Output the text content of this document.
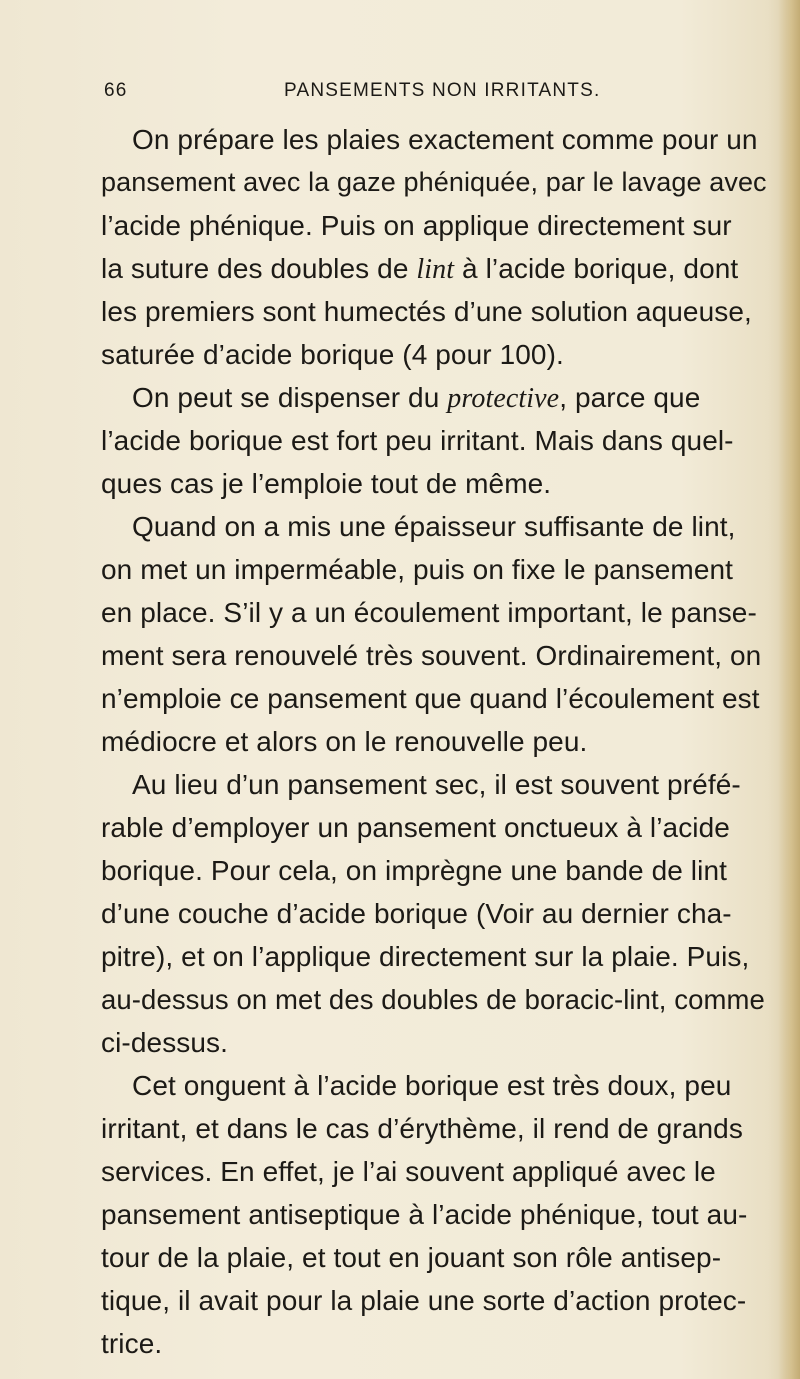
66	PANSEMENTS NON IRRITANTS.
On prépare les plaies exactement comme pour un
pansement avec la gaze phéniquée, par le lavage avec
l’acide phénique. Puis on applique directement sur
la suture des doubles de lint à l’acide borique, dont
les premiers sont humectés d’une solution aqueuse,
saturée d’acide borique (4 pour 100).
On peut se dispenser du protective, parce que
l’acide borique est fort peu irritant. Mais dans quel-
ques cas je l’emploie tout de même.
Quand on a mis une épaisseur suffisante de lint,
on met un imperméable, puis on fixe le pansement
en place. S’il y a un écoulement important, le panse-
ment sera renouvelé très souvent. Ordinairement, on
n’emploie ce pansement que quand l’écoulement est
médiocre et alors on le renouvelle peu.
Au lieu d’un pansement sec, il est souvent préfé-
rable d’employer un pansement onctueux à l’acide
borique. Pour cela, on imprègne une bande de lint
d’une couche d’acide borique (Voir au dernier cha-
pitre), et on l’applique directement sur la plaie. Puis,
au-dessus on met des doubles de boracic-lint, comme
ci-dessus.
Cet onguent à l’acide borique est très doux, peu
irritant, et dans le cas d’érythème, il rend de grands
services. En effet, je l’ai souvent appliqué avec le
pansement antiseptique à l’acide phénique, tout au-
tour de la plaie, et tout en jouant son rôle antisep-
tique, il avait pour la plaie une sorte d’action protec-
trice.
